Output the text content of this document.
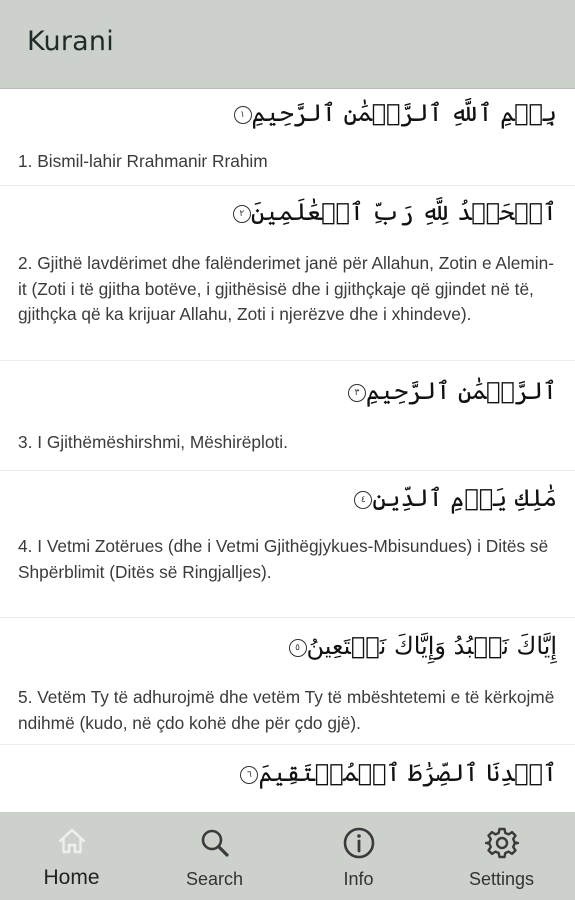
Kurani
بِسۡمِ ٱللَّهِ ٱلرَّحۡمَٰنِ ٱلرَّحِيمِ١
1. Bismil-lahir Rrahmanir Rrahim
ٱلۡحَمۡدُ لِلَّهِ رَبِّ ٱلۡعَٰلَمِينَ٢
2. Gjithë lavdërimet dhe falënderimet janë për Allahun, Zotin e Alemin-it (Zoti i të gjitha botëve, i gjithësisë dhe i gjithçkaje që gjindet në të, gjithçka që ka krijuar Allahu, Zoti i njerëzve dhe i xhindeve).
ٱلرَّحۡمَٰنِ ٱلرَّحِيمِ٣
3. I Gjithëmëshirshmi, Mëshirëploti.
مَٰلِكِ يَوۡمِ ٱلدِّينِ٤
4. I Vetmi Zotërues (dhe i Vetmi Gjithëgjykues-Mbisundues) i Ditës së Shpërblimit (Ditës së Ringjalljes).
إِيَّاكَ نَعۡبُدُ وَإِيَّاكَ نَسۡتَعِينُ٥
5. Vetëm Ty të adhurojmë dhe vetëm Ty të mbështetemi e të kërkojmë ndihmë (kudo, në çdo kohë dhe për çdo gjë).
ٱهۡدِنَا ٱلصِّرَٰطَ ٱلۡمُسۡتَقِيمَ٦
Home	Search	Info	Settings
